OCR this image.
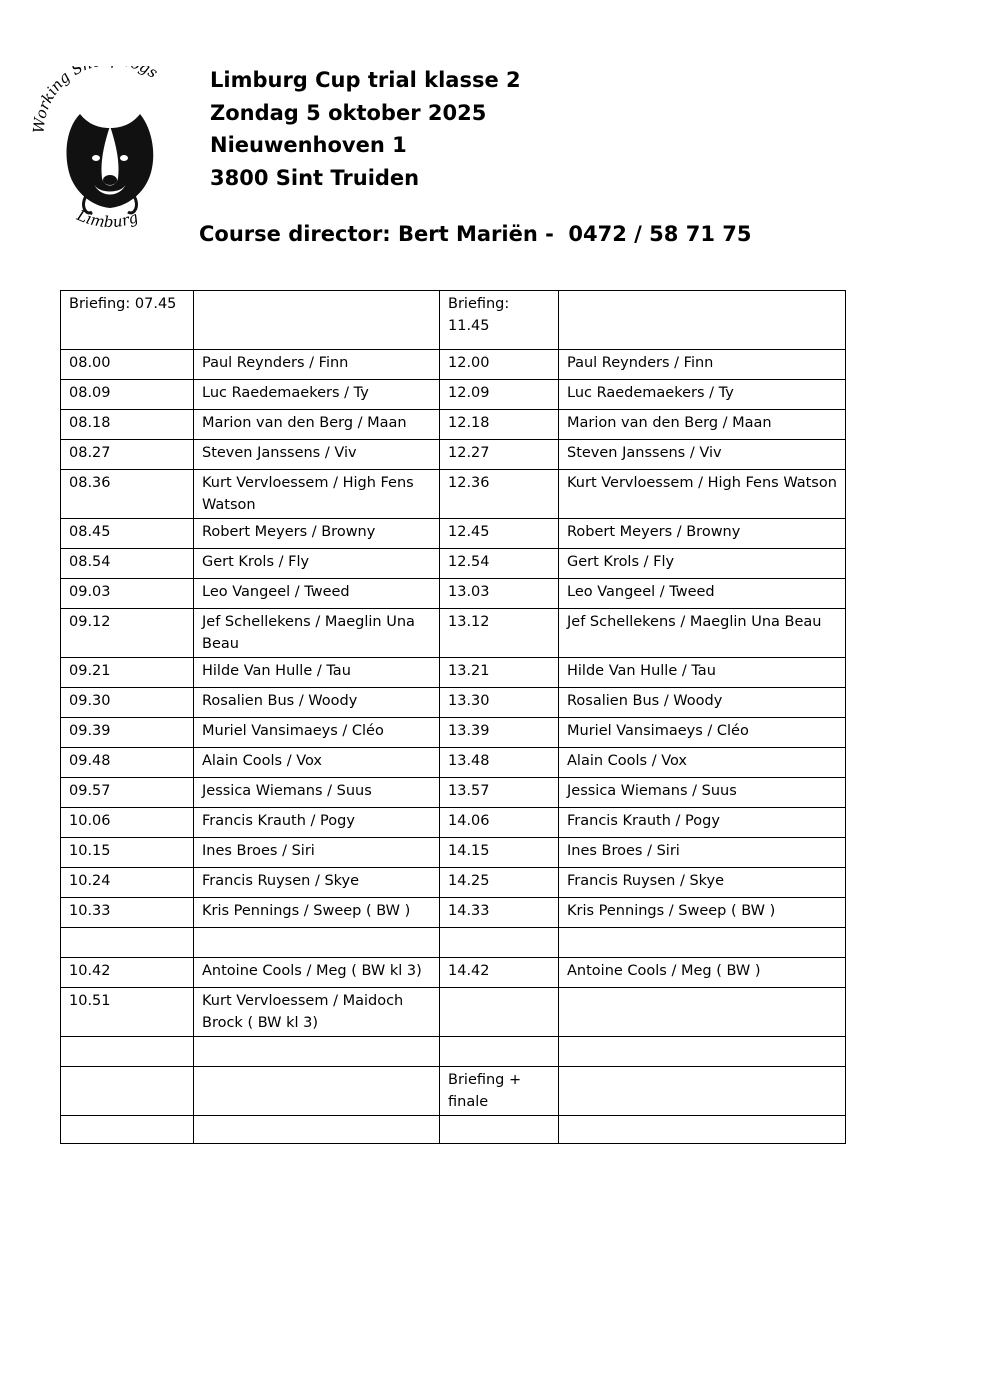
Working S gs
Limburg
Limburg Cup trial klasse 2
Zondag 5 oktober 2025
Nieuwenhoven 1
3800 Sint Truiden
Course director: Bert Mariën -  0472 / 58 71 75
Briefing: 07.45		Briefing: 11.45	
08.00	Paul Reynders / Finn	12.00	Paul Reynders / Finn
08.09	Luc Raedemaekers / Ty	12.09	Luc Raedemaekers / Ty
08.18	Marion van den Berg / Maan	12.18	Marion van den Berg / Maan
08.27	Steven Janssens / Viv	12.27	Steven Janssens / Viv
08.36	Kurt Vervloessem / High Fens Watson	12.36	Kurt Vervloessem / High Fens Watson
08.45	Robert Meyers / Browny	12.45	Robert Meyers / Browny
08.54	Gert Krols / Fly	12.54	Gert Krols / Fly
09.03	Leo Vangeel / Tweed	13.03	Leo Vangeel / Tweed
09.12	Jef Schellekens / Maeglin Una Beau	13.12	Jef Schellekens / Maeglin Una Beau
09.21	Hilde Van Hulle / Tau	13.21	Hilde Van Hulle / Tau
09.30	Rosalien Bus / Woody	13.30	Rosalien Bus / Woody
09.39	Muriel Vansimaeys / Cléo	13.39	Muriel Vansimaeys / Cléo
09.48	Alain Cools / Vox	13.48	Alain Cools / Vox
09.57	Jessica Wiemans / Suus	13.57	Jessica Wiemans / Suus
10.06	Francis Krauth / Pogy	14.06	Francis Krauth / Pogy
10.15	Ines Broes / Siri	14.15	Ines Broes / Siri
10.24	Francis Ruysen / Skye	14.25	Francis Ruysen / Skye
10.33	Kris Pennings / Sweep ( BW )	14.33	Kris Pennings / Sweep ( BW )

10.42	Antoine Cools / Meg ( BW kl 3)	14.42	Antoine Cools / Meg ( BW )
10.51	Kurt Vervloessem / Maidoch Brock ( BW kl 3)		

		Briefing + finale	
